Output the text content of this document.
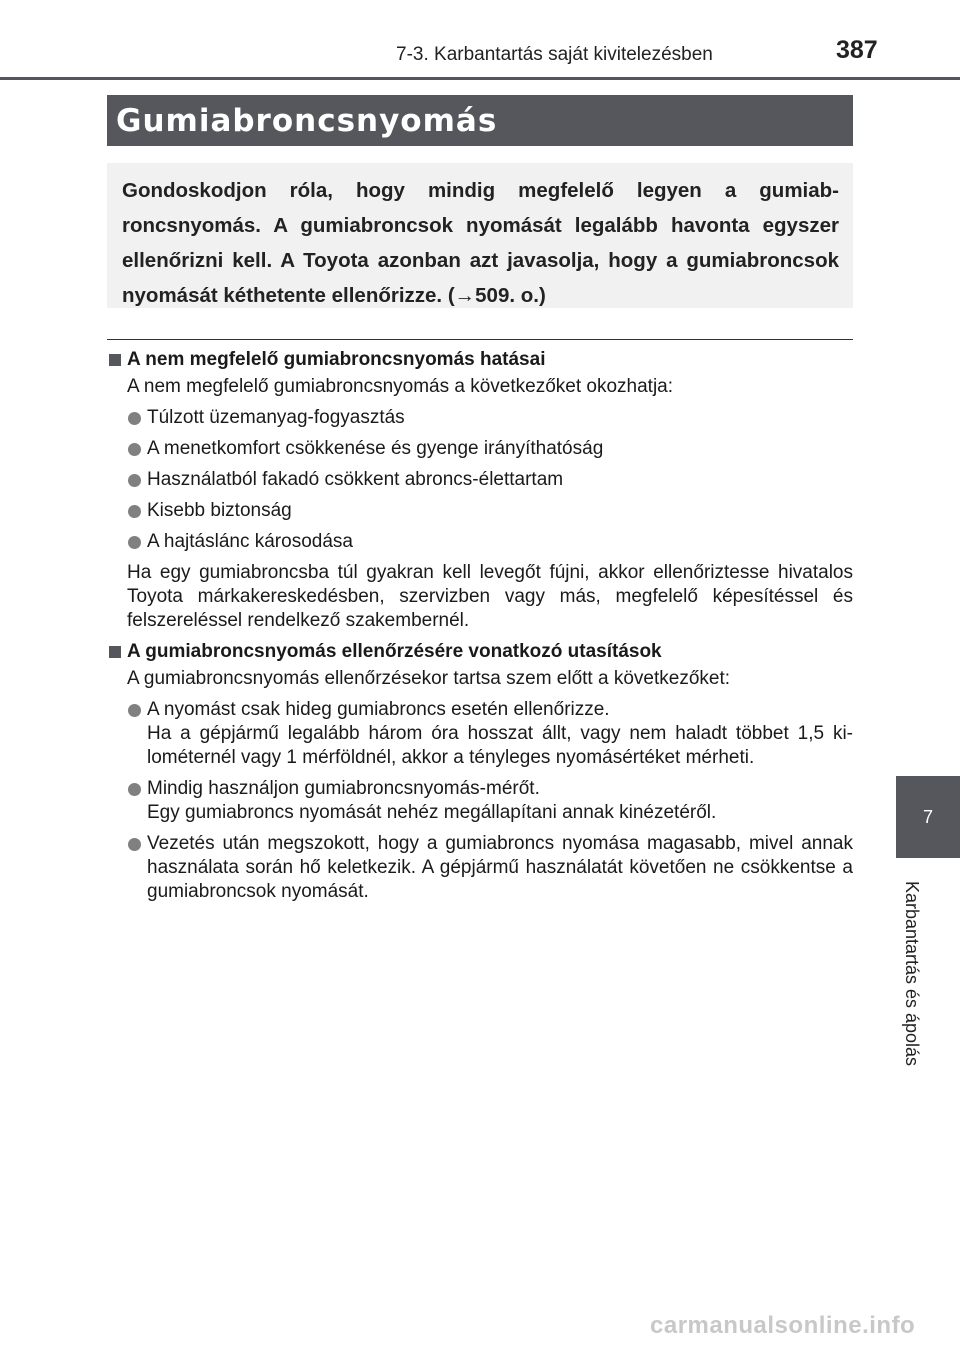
7-3. Karbantartás saját kivitelezésben	387
Gumiabroncsnyomás

Gondoskodjon róla, hogy mindig megfelelő legyen a gumiabroncsnyomás. A gumiabroncsok nyomását legalább havonta egyszer ellenőrizni kell. A Toyota azonban azt javasolja, hogy a gumiabroncsok nyomását kéthetente ellenőrizze. (→509. o.)

A nem megfelelő gumiabroncsnyomás hatásai
A nem megfelelő gumiabroncsnyomás a következőket okozhatja:
Túlzott üzemanyag-fogyasztás
A menetkomfort csökkenése és gyenge irányíthatóság
Használatból fakadó csökkent abroncs-élettartam
Kisebb biztonság
A hajtáslánc károsodása
Ha egy gumiabroncsba túl gyakran kell levegőt fújni, akkor ellenőriztesse hivatalos Toyota márkakereskedésben, szervizben vagy más, megfelelő képesítéssel és felszereléssel rendelkező szakembernél.
A gumiabroncsnyomás ellenőrzésére vonatkozó utasítások
A gumiabroncsnyomás ellenőrzésekor tartsa szem előtt a következőket:
A nyomást csak hideg gumiabroncs esetén ellenőrizze.
Ha a gépjármű legalább három óra hosszat állt, vagy nem haladt többet 1,5 kilométernél vagy 1 mérföldnél, akkor a tényleges nyomásértéket mérheti.
Mindig használjon gumiabroncsnyomás-mérőt.
Egy gumiabroncs nyomását nehéz megállapítani annak kinézetéről.
Vezetés után megszokott, hogy a gumiabroncs nyomása magasabb, mivel annak használata során hő keletkezik. A gépjármű használatát követően ne csökkentse a gumiabroncsok nyomását.
7
Karbantartás és ápolás
carmanualsonline.info
